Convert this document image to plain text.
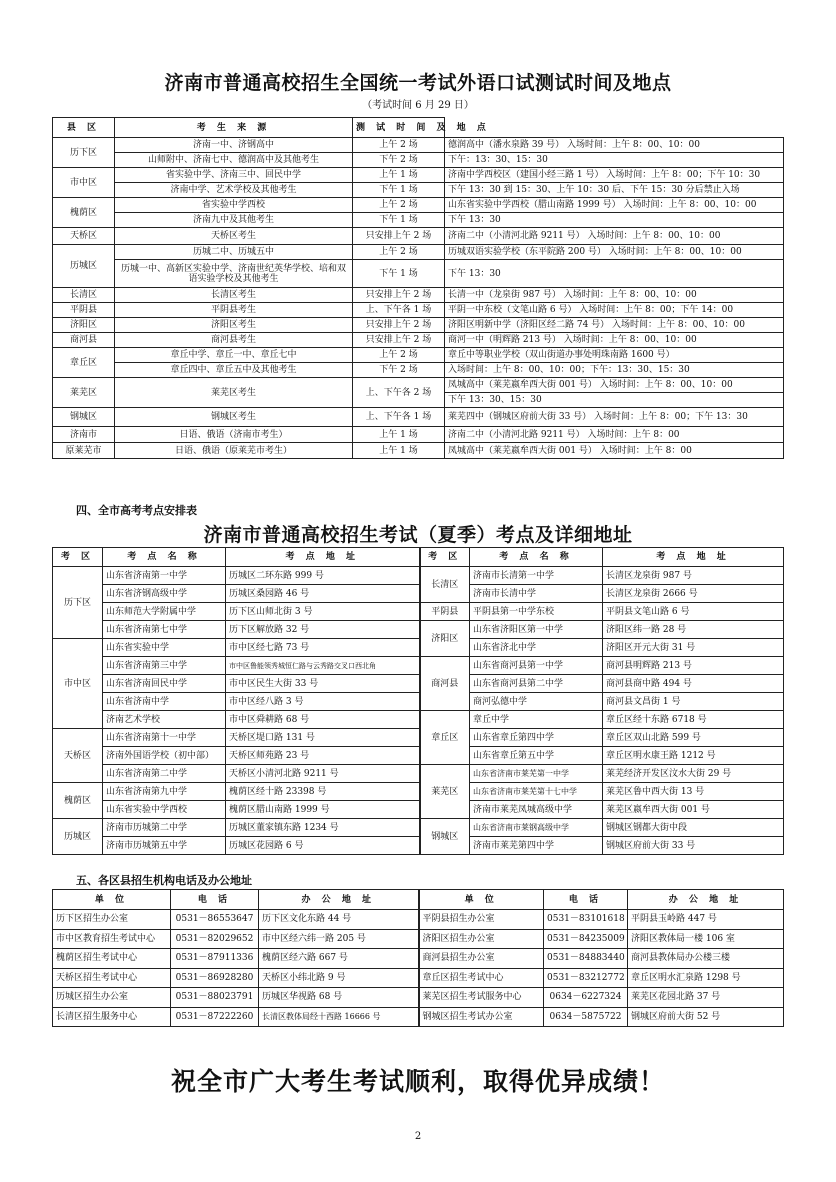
济南市普通高校招生全国统一考试外语口试测试时间及地点
（考试时间 6 月 29 日）
县 区	考 生 来 源	测 试 时 间 及 地 点	
历下区	济南一中、济钢高中	上午 2 场	德润高中（潘水泉路 39 号） 入场时间：上午 8：00、10：00
	山师附中、济南七中、德润高中及其他考生	下午 2 场	下午：13：30、15：30
市中区	省实验中学、济南三中、回民中学	上午 1 场	济南中学西校区（建国小经三路 1 号） 入场时间：上午 8：00；下午 10：30
	济南中学、艺术学校及其他考生	下午 1 场	下午 13：30 到 15：30、上午 10：30 后、下午 15：30 分后禁止入场
槐荫区	省实验中学西校	上午 2 场	山东省实验中学西校（腊山南路 1999 号） 入场时间：上午 8：00、10：00
	济南九中及其他考生	下午 1 场	下午 13：30
天桥区	天桥区考生	只安排上午 2 场	济南二中（小清河北路 9211 号） 入场时间：上午 8：00、10：00
历城区	历城二中、历城五中	上午 2 场	历城双语实验学校（东平院路 200 号） 入场时间：上午 8：00、10：00
	历城一中、高新区实验中学、济南世纪英华学校、培和双语实验学校及其他考生	下午 1 场	下午 13：30
长清区	长清区考生	只安排上午 2 场	长清一中（龙泉街 987 号） 入场时间：上午 8：00、10：00
平阴县	平阴县考生	上、下午各 1 场	平阴一中东校（文笔山路 6 号） 入场时间：上午 8：00；下午 14：00
济阳区	济阳区考生	只安排上午 2 场	济阳区明新中学（济阳区经二路 74 号） 入场时间：上午 8：00、10：00
商河县	商河县考生	只安排上午 2 场	商河一中（明辉路 213 号） 入场时间：上午 8：00、10：00
章丘区	章丘中学、章丘一中、章丘七中	上午 2 场	章丘中等职业学校（双山街道办事处明珠南路 1600 号）
	章丘四中、章丘五中及其他考生	下午 2 场	入场时间：上午 8：00、10：00；下午：13：30、15：30
莱芜区	莱芜区考生	上、下午各 2 场	凤城高中（莱芜嬴牟西大街 001 号） 入场时间：上午 8：00、10：00
			下午 13：30、15：30
钢城区	钢城区考生	上、下午各 1 场	莱芜四中（钢城区府前大街 33 号） 入场时间：上午 8：00；下午 13：30
济南市	日语、俄语（济南市考生）	上午 1 场	济南二中（小清河北路 9211 号） 入场时间：上午 8：00
原莱芜市	日语、俄语（原莱芜市考生）	上午 1 场	凤城高中（莱芜嬴牟西大街 001 号） 入场时间：上午 8：00
四、全市高考考点安排表
济南市普通高校招生考试（夏季）考点及详细地址
考 区	考 点 名 称	考 点 地 址	考 区	考 点 名 称	考 点 地 址
历下区	山东省济南第一中学	历城区二环东路 999 号	长清区	济南市长清第一中学	长清区龙泉街 987 号
	山东省济钢高级中学	历城区桑园路 46 号		济南市长清中学	长清区龙泉街 2666 号
	山东师范大学附属中学	历下区山师北街 3 号	平阴县	平阴县第一中学东校	平阴县文笔山路 6 号
	山东省济南第七中学	历下区解放路 32 号	济阳区	山东省济阳区第一中学	济阳区纬一路 28 号
市中区	山东省实验中学	市中区经七路 73 号		山东省济北中学	济阳区开元大街 31 号
	山东省济南第三中学	市中区鲁能领秀城恒仁路与云秀路交叉口西北角	商河县	山东省商河县第一中学	商河县明辉路 213 号
	山东省济南回民中学	市中区民生大街 33 号		山东省商河县第二中学	商河县商中路 494 号
	山东省济南中学	市中区经八路 3 号		商河弘德中学	商河县文昌街 1 号
	济南艺术学校	市中区舜耕路 68 号	章丘区	章丘中学	章丘区经十东路 6718 号
天桥区	山东省济南第十一中学	天桥区堤口路 131 号		山东省章丘第四中学	章丘区双山北路 599 号
	济南外国语学校（初中部）	天桥区师苑路 23 号		山东省章丘第五中学	章丘区明水康王路 1212 号
	山东省济南第二中学	天桥区小清河北路 9211 号	莱芜区	山东省济南市莱芜第一中学	莱芜经济开发区汶水大街 29 号
槐荫区	山东省济南第九中学	槐荫区经十路 23398 号		山东省济南市莱芜第十七中学	莱芜区鲁中西大街 13 号
	山东省实验中学西校	槐荫区腊山南路 1999 号		济南市莱芜凤城高级中学	莱芜区嬴牟西大街 001 号
历城区	济南市历城第二中学	历城区董家镇东路 1234 号	钢城区	山东省济南市莱钢高级中学	钢城区钢都大街中段
	济南市历城第五中学	历城区花园路 6 号		济南市莱芜第四中学	钢城区府前大街 33 号
五、各区县招生机构电话及办公地址
单 位	电 话	办 公 地 址	单 位	电 话	办 公 地 址
历下区招生办公室	0531－86553647	历下区文化东路 44 号	平阴县招生办公室	0531－83101618	平阴县玉岭路 447 号
市中区教育招生考试中心	0531－82029652	市中区经六纬一路 205 号	济阳区招生办公室	0531－84235009	济阳区教体局一楼 106 室
槐荫区招生考试中心	0531－87911336	槐荫区经六路 667 号	商河县招生办公室	0531－84883440	商河县教体局办公楼三楼
天桥区招生考试中心	0531－86928280	天桥区小纬北路 9 号	章丘区招生考试中心	0531－83212772	章丘区明水汇泉路 1298 号
历城区招生办公室	0531－88023791	历城区华视路 68 号	莱芜区招生考试服务中心	0634－6227324	莱芜区花园北路 37 号
长清区招生服务中心	0531－87222260	长清区教体局经十西路 16666 号	钢城区招生考试办公室	0634－5875722	钢城区府前大街 52 号
祝全市广大考生考试顺利，取得优异成绩！
2
